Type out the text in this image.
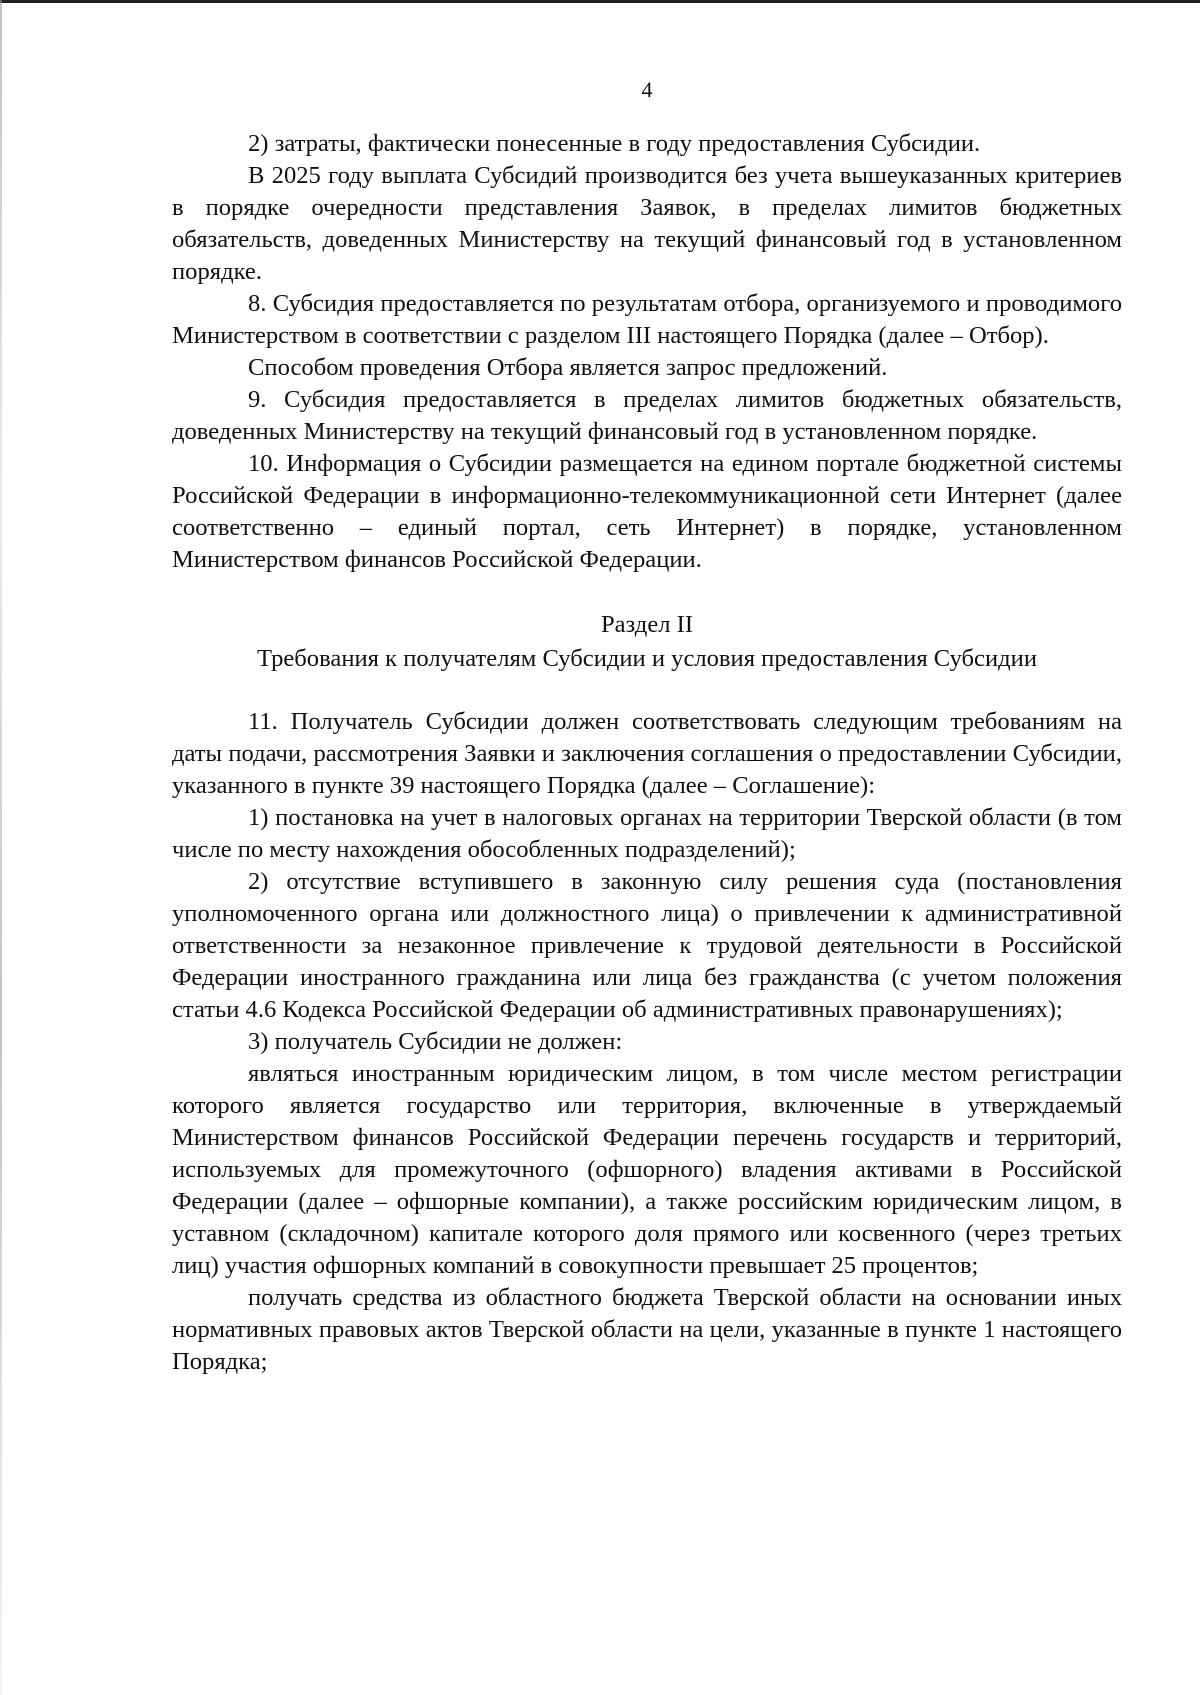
4

2) затраты, фактически понесенные в году предоставления Субсидии.

В 2025 году выплата Субсидий производится без учета вышеуказанных критериев в порядке очередности представления Заявок, в пределах лимитов бюджетных обязательств, доведенных Министерству на текущий финансовый год в установленном порядке.

8. Субсидия предоставляется по результатам отбора, организуемого и проводимого Министерством в соответствии с разделом III настоящего Порядка (далее – Отбор).

Способом проведения Отбора является запрос предложений.

9. Субсидия предоставляется в пределах лимитов бюджетных обязательств, доведенных Министерству на текущий финансовый год в установленном порядке.

10. Информация о Субсидии размещается на едином портале бюджетной системы Российской Федерации в информационно-телекоммуникационной сети Интернет (далее соответственно – единый портал, сеть Интернет) в порядке, установленном Министерством финансов Российской Федерации.

Раздел II
Требования к получателям Субсидии и условия предоставления Субсидии

11. Получатель Субсидии должен соответствовать следующим требованиям на даты подачи, рассмотрения Заявки и заключения соглашения о предоставлении Субсидии, указанного в пункте 39 настоящего Порядка (далее – Соглашение):

1) постановка на учет в налоговых органах на территории Тверской области (в том числе по месту нахождения обособленных подразделений);

2) отсутствие вступившего в законную силу решения суда (постановления уполномоченного органа или должностного лица) о привлечении к административной ответственности за незаконное привлечение к трудовой деятельности в Российской Федерации иностранного гражданина или лица без гражданства (с учетом положения статьи 4.6 Кодекса Российской Федерации об административных правонарушениях);

3) получатель Субсидии не должен:

являться иностранным юридическим лицом, в том числе местом регистрации которого является государство или территория, включенные в утверждаемый Министерством финансов Российской Федерации перечень государств и территорий, используемых для промежуточного (офшорного) владения активами в Российской Федерации (далее – офшорные компании), а также российским юридическим лицом, в уставном (складочном) капитале которого доля прямого или косвенного (через третьих лиц) участия офшорных компаний в совокупности превышает 25 процентов;

получать средства из областного бюджета Тверской области на основании иных нормативных правовых актов Тверской области на цели, указанные в пункте 1 настоящего Порядка;
